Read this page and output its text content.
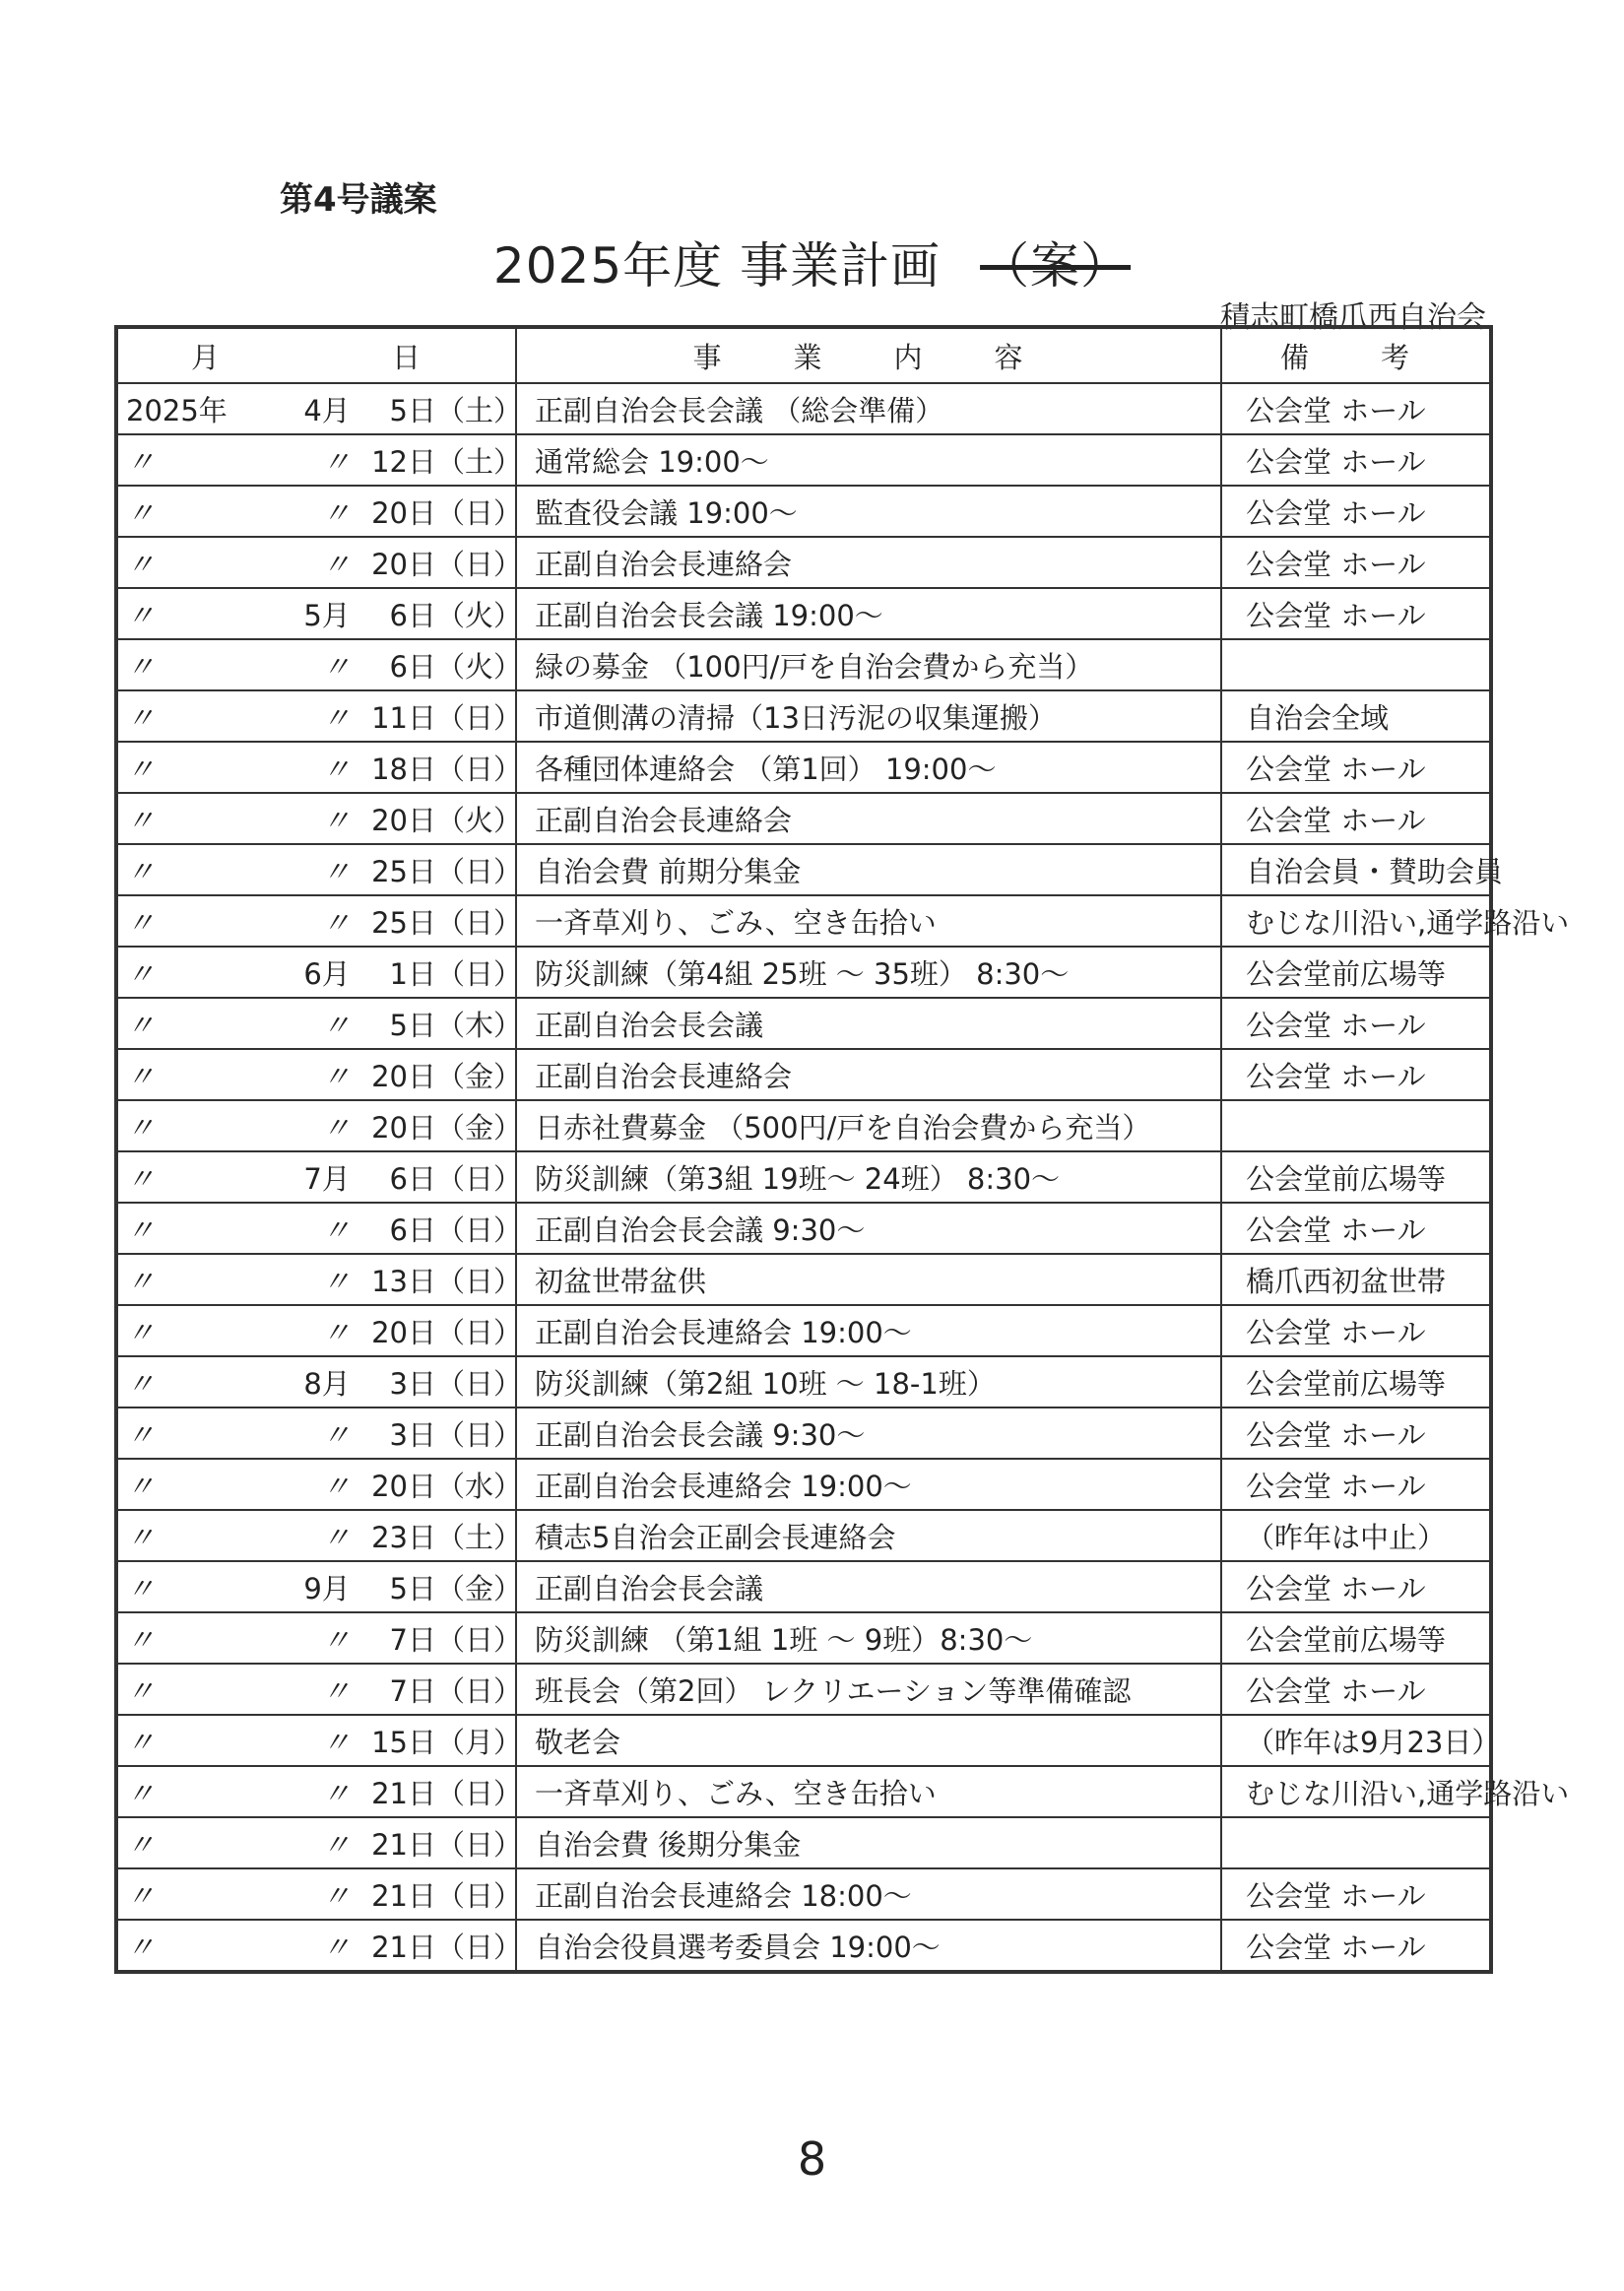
第4号議案
2025年度 事業計画 （案）
積志町橋爪西自治会
月　　　日	事　業　内　容	備　考

2025年 4月 5日 （土）	正副自治会長会議 （総会準備）	公会堂 ホール

〃 〃 12日 （土）	通常総会 19:00～	公会堂 ホール

〃 〃 20日 （日）	監査役会議 19:00～	公会堂 ホール

〃 〃 20日 （日）	正副自治会長連絡会	公会堂 ホール

〃 5月 6日 （火）	正副自治会長会議 19:00～	公会堂 ホール

〃 〃 6日 （火）	緑の募金 （100円/戸を自治会費から充当）	

〃 〃 11日 （日）	市道側溝の清掃（13日汚泥の収集運搬）	自治会全域

〃 〃 18日 （日）	各種団体連絡会 （第1回） 19:00～	公会堂 ホール

〃 〃 20日 （火）	正副自治会長連絡会	公会堂 ホール

〃 〃 25日 （日）	自治会費 前期分集金	自治会員・賛助会員

〃 〃 25日 （日）	一斉草刈り、ごみ、空き缶拾い	むじな川沿い,通学路沿い

〃 6月 1日 （日）	防災訓練（第4組 25班 ～ 35班） 8:30～	公会堂前広場等

〃 〃 5日 （木）	正副自治会長会議	公会堂 ホール

〃 〃 20日 （金）	正副自治会長連絡会	公会堂 ホール

〃 〃 20日 （金）	日赤社費募金 （500円/戸を自治会費から充当）	

〃 7月 6日 （日）	防災訓練（第3組 19班～ 24班） 8:30～	公会堂前広場等

〃 〃 6日 （日）	正副自治会長会議 9:30～	公会堂 ホール

〃 〃 13日 （日）	初盆世帯盆供	橋爪西初盆世帯

〃 〃 20日 （日）	正副自治会長連絡会 19:00～	公会堂 ホール

〃 8月 3日 （日）	防災訓練（第2組 10班 ～ 18-1班）	公会堂前広場等

〃 〃 3日 （日）	正副自治会長会議 9:30～	公会堂 ホール

〃 〃 20日 （水）	正副自治会長連絡会 19:00～	公会堂 ホール

〃 〃 23日 （土）	積志5自治会正副会長連絡会	（昨年は中止）

〃 9月 5日 （金）	正副自治会長会議	公会堂 ホール

〃 〃 7日 （日）	防災訓練 （第1組 1班 ～ 9班）8:30～	公会堂前広場等

〃 〃 7日 （日）	班長会（第2回） レクリエーション等準備確認	公会堂 ホール

〃 〃 15日 （月）	敬老会	（昨年は9月23日）

〃 〃 21日 （日）	一斉草刈り、ごみ、空き缶拾い	むじな川沿い,通学路沿い

〃 〃 21日 （日）	自治会費 後期分集金	

〃 〃 21日 （日）	正副自治会長連絡会 18:00～	公会堂 ホール

〃 〃 21日 （日）	自治会役員選考委員会 19:00～	公会堂 ホール
8
